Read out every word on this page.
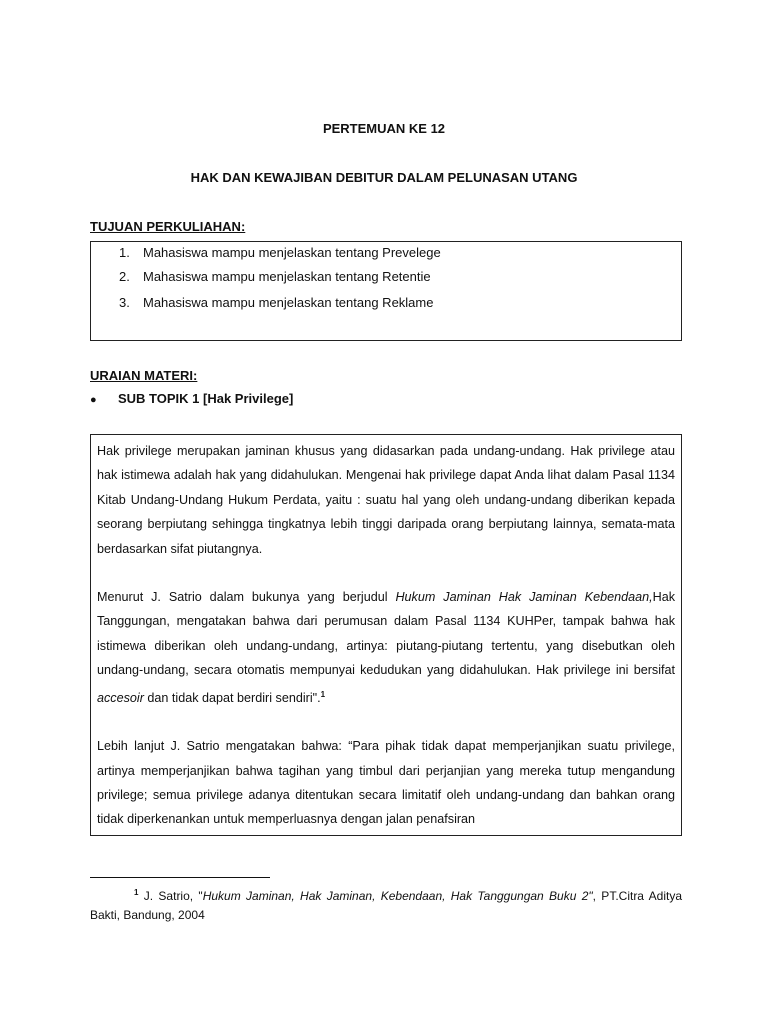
PERTEMUAN KE 12
HAK DAN KEWAJIBAN DEBITUR DALAM PELUNASAN UTANG
TUJUAN PERKULIAHAN:
1. Mahasiswa mampu menjelaskan tentang Prevelege
2. Mahasiswa mampu menjelaskan tentang Retentie
3. Mahasiswa mampu menjelaskan tentang Reklame
URAIAN MATERI:
● SUB TOPIK 1 [Hak Privilege]

Hak privilege merupakan jaminan khusus yang didasarkan pada undang-undang. Hak privilege atau hak istimewa adalah hak yang didahulukan. Mengenai hak privilege dapat Anda lihat dalam Pasal 1134 Kitab Undang-Undang Hukum Perdata, yaitu : suatu hal yang oleh undang-undang diberikan kepada seorang berpiutang sehingga tingkatnya lebih tinggi daripada orang berpiutang lainnya, semata-mata berdasarkan sifat piutangnya.

Menurut J. Satrio dalam bukunya yang berjudul Hukum Jaminan Hak Jaminan Kebendaan,Hak Tanggungan, mengatakan bahwa dari perumusan dalam Pasal 1134 KUHPer, tampak bahwa hak istimewa diberikan oleh undang-undang, artinya: piutang-piutang tertentu, yang disebutkan oleh undang-undang, secara otomatis mempunyai kedudukan yang didahulukan. Hak privilege ini bersifat accesoir dan tidak dapat berdiri sendiri".$^1$

Lebih lanjut J. Satrio mengatakan bahwa: “Para pihak tidak dapat memperjanjikan suatu privilege, artinya memperjanjikan bahwa tagihan yang timbul dari perjanjian yang mereka tutup mengandung privilege; semua privilege adanya ditentukan secara limitatif oleh undang-undang dan bahkan orang tidak diperkenankan untuk memperluasnya dengan jalan penafsiran

$^1$ J. Satrio, "Hukum Jaminan, Hak Jaminan, Kebendaan, Hak Tanggungan Buku 2", PT.Citra Aditya Bakti, Bandung, 2004
